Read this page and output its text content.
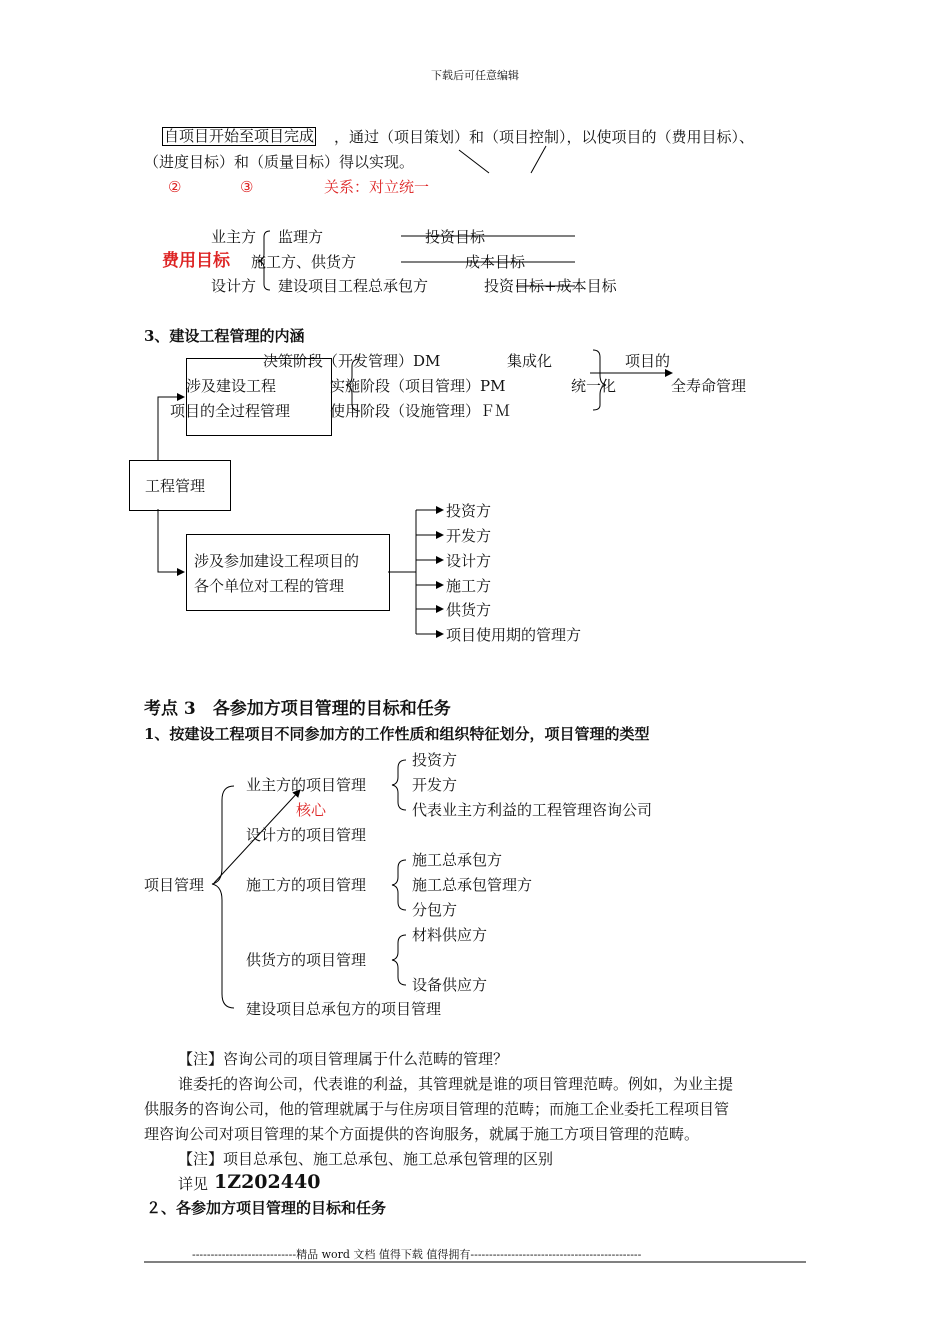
下载后可任意编辑
自项目开始至项目完成 ，通过（项目策划）和（项目控制），以使项目的（费用目标）、
（进度目标）和（质量目标）得以实现。
②	③	关系：对立统一
业主方 监理方	投资目标
费用目标 施工方、供货方	成本目标
设计方 建设项目工程总承包方	投资目标+成本目标
3、建设工程管理的内涵
决策阶段（开发管理）DM	集成化	项目的
涉及建设工程	实施阶段（项目管理）PM	统一化	全寿命管理
项目的全过程管理	使用阶段（设施管理）ＦＭ
工程管理
涉及参加建设工程项目的
各个单位对工程的管理
投资方
开发方
设计方
施工方
供货方
项目使用期的管理方
考点 3　各参加方项目管理的目标和任务
1、按建设工程项目不同参加方的工作性质和组织特征划分，项目管理的类型
投资方
业主方的项目管理	开发方
核心	代表业主方利益的工程管理咨询公司
设计方的项目管理
施工总承包方
项目管理	施工方的项目管理	施工总承包管理方
分包方
材料供应方
供货方的项目管理
设备供应方
建设项目总承包方的项目管理
【注】咨询公司的项目管理属于什么范畴的管理？
谁委托的咨询公司，代表谁的利益，其管理就是谁的项目管理范畴。例如，为业主提
供服务的咨询公司，他的管理就属于与住房项目管理的范畴；而施工企业委托工程项目管
理咨询公司对项目管理的某个方面提供的咨询服务，就属于施工方项目管理的范畴。
【注】项目总承包、施工总承包、施工总承包管理的区别
详见 1Z202440
２、各参加方项目管理的目标和任务
----------------------------精品 word 文档 值得下载 值得拥有----------------------------------------------
